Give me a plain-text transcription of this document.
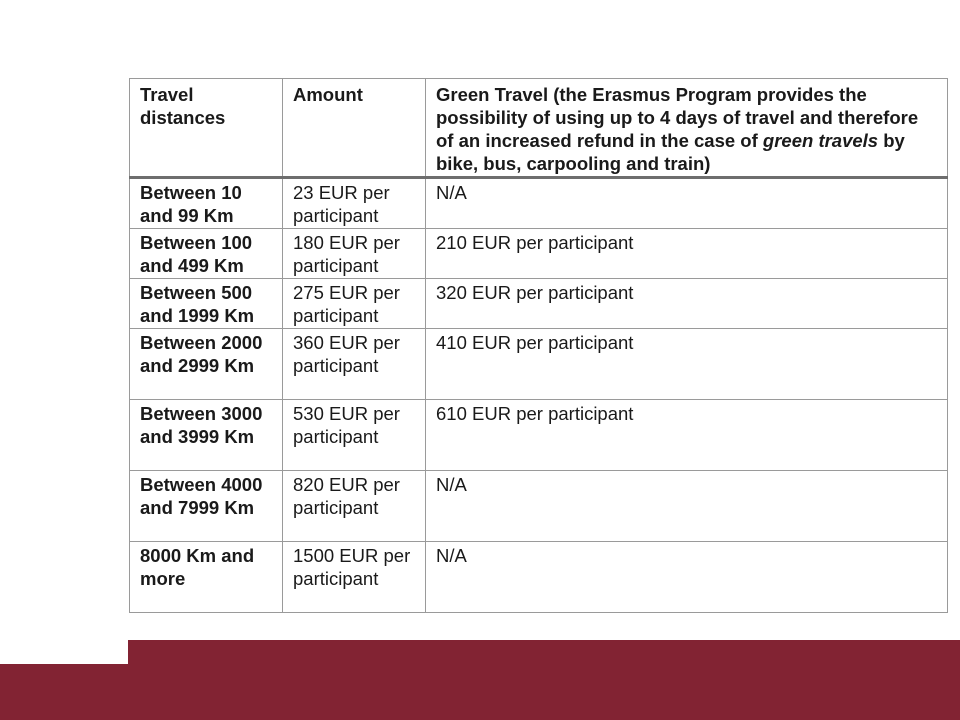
Travel distances	Amount	Green Travel (the Erasmus Program provides the possibility of using up to 4 days of travel and therefore of an increased refund in the case of green travels by bike, bus, carpooling and train)
Between 10 and 99 Km	23 EUR per participant	N/A
Between 100 and 499 Km	180 EUR per participant	210 EUR per participant
Between 500 and 1999 Km	275 EUR per participant	320 EUR per participant
Between 2000 and 2999 Km	360 EUR per participant	410 EUR per participant
Between 3000 and 3999 Km	530 EUR per participant	610 EUR per participant
Between 4000 and 7999 Km	820 EUR per participant	N/A
8000 Km and more	1500 EUR per participant	N/A
